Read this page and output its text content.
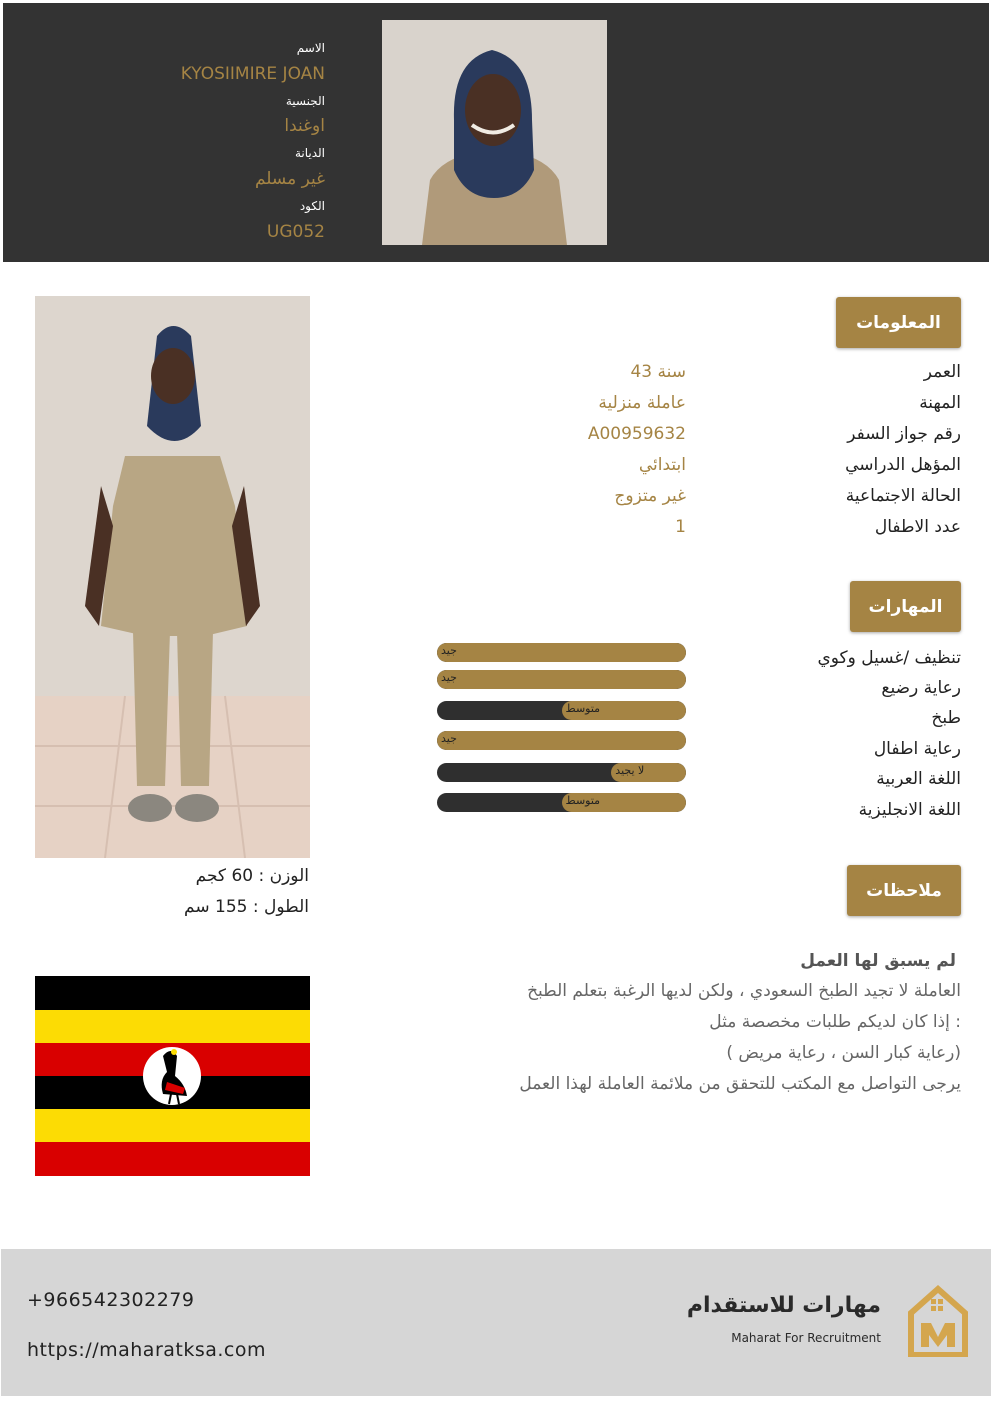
الاسم
KYOSIIMIRE JOAN
الجنسية
اوغندا
الديانة
غير مسلم
الكود
UG052
الوزن : 60 كجم
الطول : 155 سم
المعلومات
العمر
43 سنة
المهنة
عاملة منزلية
رقم جواز السفر
A00959632
المؤهل الدراسي
ابتدائي
الحالة الاجتماعية
غير متزوج
عدد الاطفال
1
المهارات
تنظيف /غسيل وكوي
جيد
رعاية رضيع
جيد
طبخ
متوسط
رعاية اطفال
جيد
اللغة العربية
لا يجيد
اللغة الانجليزية
متوسط
ملاحظات
لم يسبق لها العمل
العاملة لا تجيد الطبخ السعودي ، ولكن لديها الرغبة بتعلم الطبخ
إذا كان لديكم طلبات مخصصة مثل :
( رعاية كبار السن ، رعاية مريض)
يرجى التواصل مع المكتب للتحقق من ملائمة العاملة لهذا العمل
+966542302279
https://maharatksa.com
مهارات للاستقدام
Maharat For Recruitment
